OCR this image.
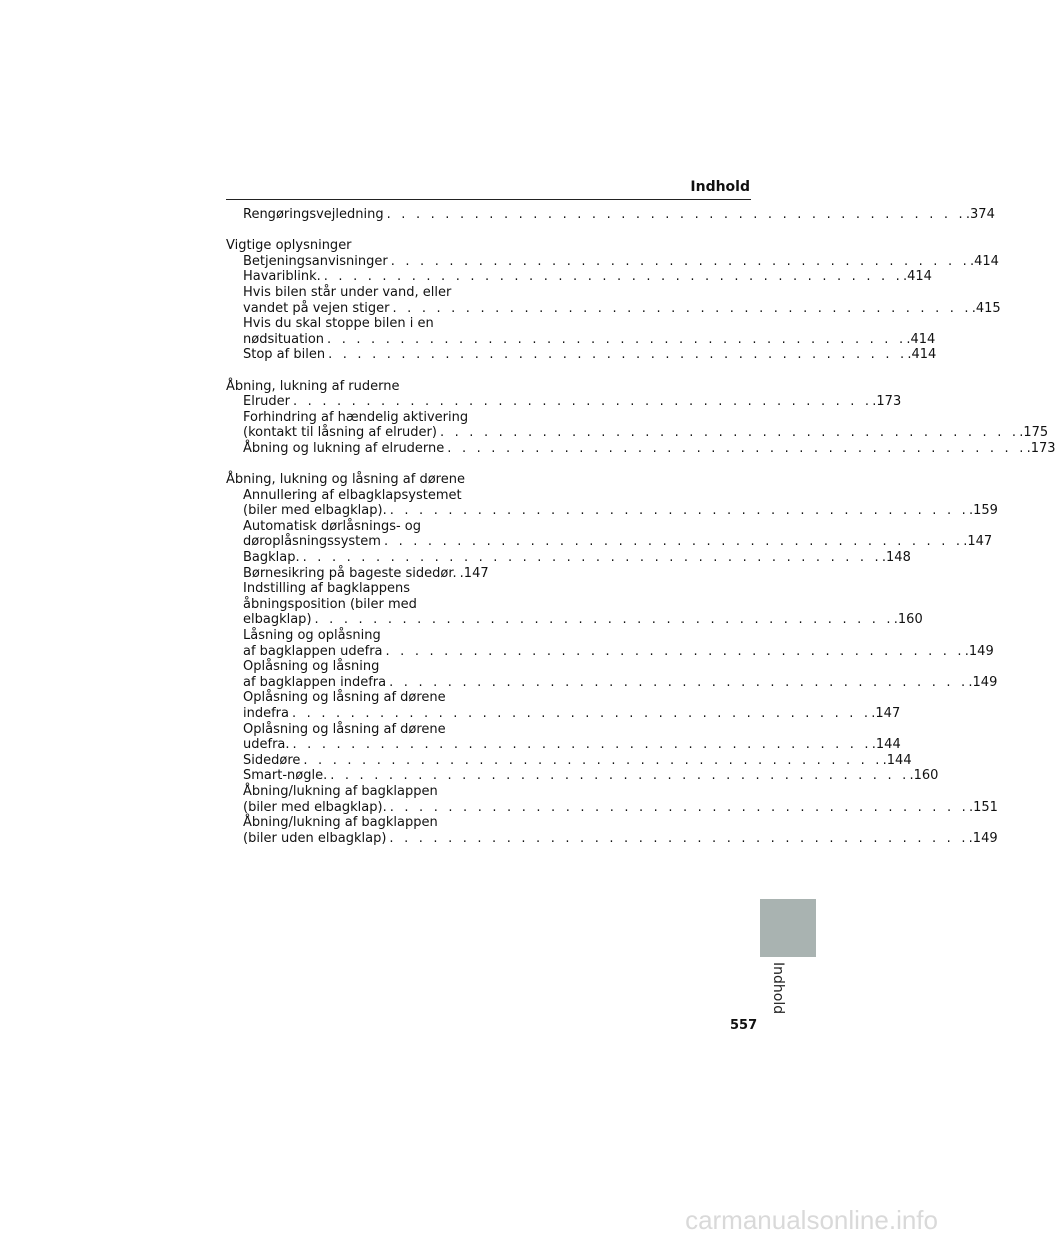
Indhold
Rengøringsvejledning . . . . . . . . . . . . . . . . . . . . . . . . . . . . . . . . . . . . . . . . .374
Vigtige oplysninger
Betjeningsanvisninger . . . . . . . . . . . . . . . . . . . . . . . . . . . . . . . . . . . . . . . . .414
Havariblink. . . . . . . . . . . . . . . . . . . . . . . . . . . . . . . . . . . . . . . . . .414
Hvis bilen står under vand, eller
vandet på vejen stiger . . . . . . . . . . . . . . . . . . . . . . . . . . . . . . . . . . . . . . . . .415
Hvis du skal stoppe bilen i en
nødsituation . . . . . . . . . . . . . . . . . . . . . . . . . . . . . . . . . . . . . . . . .414
Stop af bilen . . . . . . . . . . . . . . . . . . . . . . . . . . . . . . . . . . . . . . . . .414
Åbning, lukning af ruderne
Elruder . . . . . . . . . . . . . . . . . . . . . . . . . . . . . . . . . . . . . . . . .173
Forhindring af hændelig aktivering
(kontakt til låsning af elruder) . . . . . . . . . . . . . . . . . . . . . . . . . . . . . . . . . . . . . . . . .175
Åbning og lukning af elruderne . . . . . . . . . . . . . . . . . . . . . . . . . . . . . . . . . . . . . . . . .173
Åbning, lukning og låsning af dørene
Annullering af elbagklapsystemet
(biler med elbagklap). . . . . . . . . . . . . . . . . . . . . . . . . . . . . . . . . . . . . . . . . .159
Automatisk dørlåsnings- og
døroplåsningssystem . . . . . . . . . . . . . . . . . . . . . . . . . . . . . . . . . . . . . . . . .147
Bagklap. . . . . . . . . . . . . . . . . . . . . . . . . . . . . . . . . . . . . . . . . .148
Børnesikring på bageste sidedør. .147
Indstilling af bagklappens
åbningsposition (biler med
elbagklap) . . . . . . . . . . . . . . . . . . . . . . . . . . . . . . . . . . . . . . . . .160
Låsning og oplåsning
af bagklappen udefra . . . . . . . . . . . . . . . . . . . . . . . . . . . . . . . . . . . . . . . . .149
Oplåsning og låsning
af bagklappen indefra . . . . . . . . . . . . . . . . . . . . . . . . . . . . . . . . . . . . . . . . .149
Oplåsning og låsning af dørene
indefra . . . . . . . . . . . . . . . . . . . . . . . . . . . . . . . . . . . . . . . . .147
Oplåsning og låsning af dørene
udefra. . . . . . . . . . . . . . . . . . . . . . . . . . . . . . . . . . . . . . . . . .144
Sidedøre . . . . . . . . . . . . . . . . . . . . . . . . . . . . . . . . . . . . . . . . .144
Smart-nøgle. . . . . . . . . . . . . . . . . . . . . . . . . . . . . . . . . . . . . . . . . .160
Åbning/lukning af bagklappen
(biler med elbagklap). . . . . . . . . . . . . . . . . . . . . . . . . . . . . . . . . . . . . . . . . .151
Åbning/lukning af bagklappen
(biler uden elbagklap) . . . . . . . . . . . . . . . . . . . . . . . . . . . . . . . . . . . . . . . . .149
Indhold
557
carmanualsonline.info
